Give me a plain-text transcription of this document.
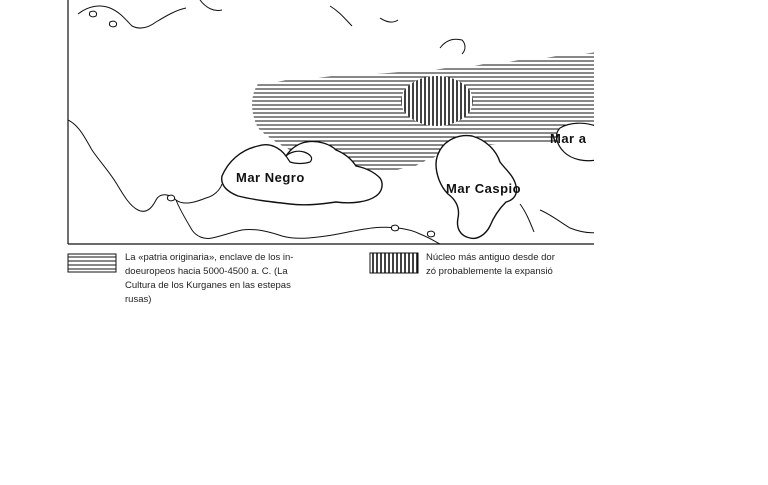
Mar Negro
Mar Caspio
Mar a
La «patria originaria», enclave de los in-
doeuropeos hacia 5000-4500 a. C. (La
Cultura de los Kurganes en las estepas
rusas)
Núcleo más antiguo desde dor
zó probablemente la expansió
